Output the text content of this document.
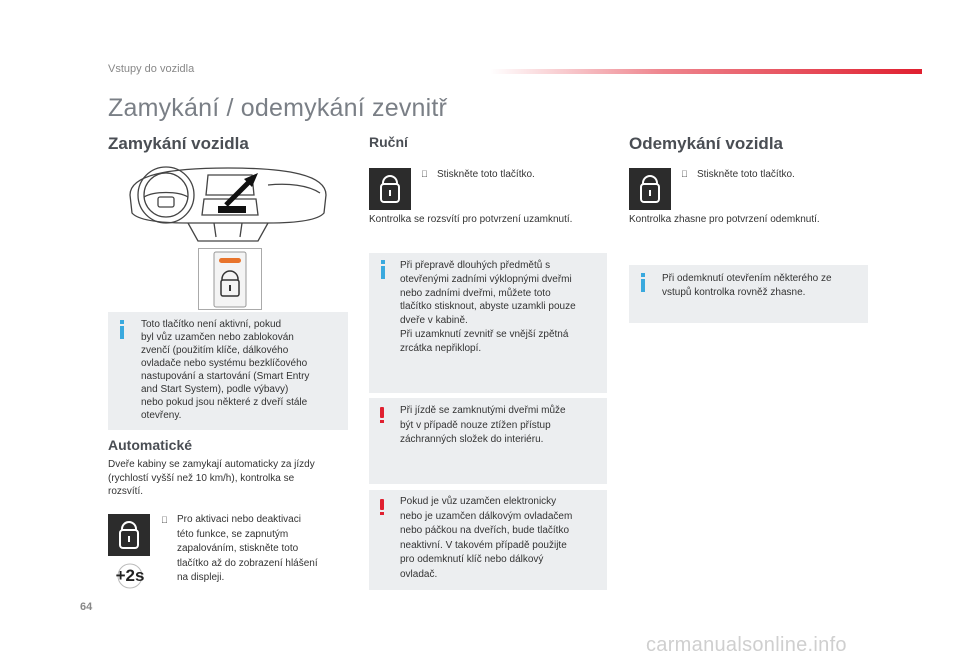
Vstupy do vozidla
Zamykání / odemykání zevnitř
Zamykání vozidla
Toto tlačítko není aktivní, pokud
byl vůz uzamčen nebo zablokován
zvenčí (použitím klíče, dálkového
ovladače nebo systému bezklíčového
nastupování a startování (Smart Entry
and Start System), podle výbavy)
nebo pokud jsou některé z dveří stále
otevřeny.
Automatické
Dveře kabiny se zamykají automaticky za jízdy
(rychlostí vyšší než 10 km/h), kontrolka se
rozsvítí.
+2s
Pro aktivaci nebo deaktivaci
této funkce, se zapnutým
zapalováním, stiskněte toto
tlačítko až do zobrazení hlášení
na displeji.
Ruční
Stiskněte toto tlačítko.
Kontrolka se rozsvítí pro potvrzení uzamknutí.
Při přepravě dlouhých předmětů s
otevřenými zadními výklopnými dveřmi
nebo zadními dveřmi, můžete toto
tlačítko stisknout, abyste uzamkli pouze
dveře v kabině.
Při uzamknutí zevnitř se vnější zpětná
zrcátka nepřiklopí.
Při jízdě se zamknutými dveřmi může
být v případě nouze ztížen přístup
záchranných složek do interiéru.
Pokud je vůz uzamčen elektronicky
nebo je uzamčen dálkovým ovladačem
nebo páčkou na dveřích, bude tlačítko
neaktivní. V takovém případě použijte
pro odemknutí klíč nebo dálkový
ovladač.
Odemykání vozidla
Stiskněte toto tlačítko.
Kontrolka zhasne pro potvrzení odemknutí.
Při odemknutí otevřením některého ze
vstupů kontrolka rovněž zhasne.
64
carmanualsonline.info
